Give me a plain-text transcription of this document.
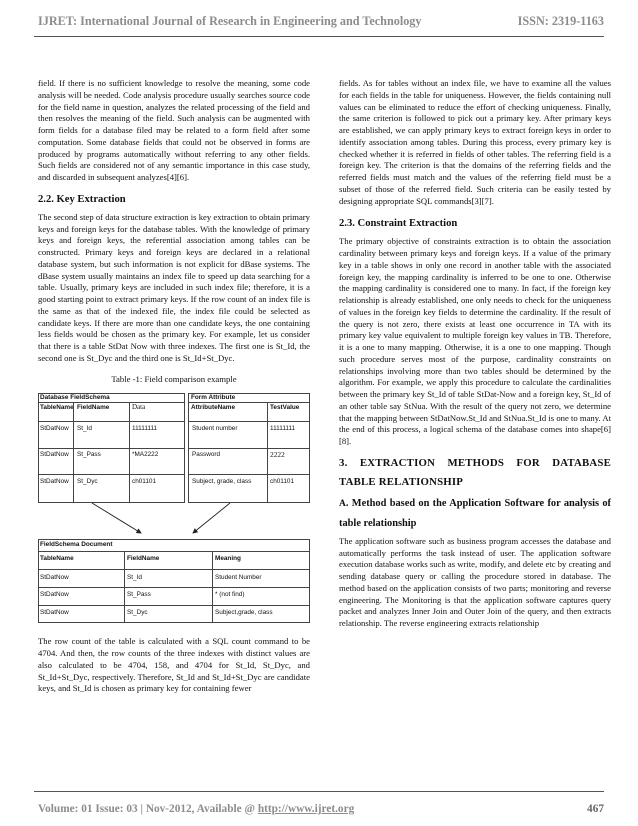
IJRET: International Journal of Research in Engineering and Technology	ISSN: 2319-1163

field. If there is no sufficient knowledge to resolve the meaning, some code analysis will be needed. Code analysis procedure usually searches source code for the field name in question, analyzes the related processing of the field and then resolves the meaning of the field. Such analysis can be augmented with form fields for a database filed may be related to a form field after some computation. Some database fields that could not be observed in forms are produced by programs automatically without referring to any other fields. Such fields are considered not of any semantic importance in this case study, and discarded in subsequent analyzes[4][6].

2.2. Key Extraction

The second step of data structure extraction is key extraction to obtain primary keys and foreign keys for the database tables. With the knowledge of primary keys and foreign keys, the referential association among tables can be constructed. Primary keys and foreign keys are declared in a relational database system, but such information is not explicit for dBase systems. The dBase system usually maintains an index file to speed up data searching for a table. Usually, primary keys are included in such index file; therefore, it is a good starting point to extract primary keys. If the row count of an index file is the same as that of the indexed file, the index file could be selected as candidate keys. If there are more than one candidate keys, the one containing less fields would be chosen as the primary key. For example, let us consider that there is a table StDat Now with three indexes. The first one is St_Id, the second one is St_Dyc and the third one is St_Id+St_Dyc.

Table -1: Field comparison example
Database FieldSchema
TableName FieldName	Data
StDatNow St_Id	11111111
StDatNow St_Pass	*MA2222
StDatNow St_Dyc	ch01101
Form Attribute
AttributeName	TestValue
Student number	11111111
Password	2222
Subject, grade, class	ch01101
FieldSchema Document
TableName	FieldName	Meaning
StDatNow	St_Id	Student Number
StDatNow	St_Pass	* (not find)
StDatNow	St_Dyc	Subject,grade, class

The row count of the table is calculated with a SQL count command to be 4704. And then, the row counts of the three indexes with distinct values are also calculated to be 4704, 158, and 4704 for St_Id, St_Dyc, and St_Id+St_Dyc, respectively. Therefore, St_Id and St_Id+St_Dyc are candidate keys, and St_Id is chosen as primary key for containing fewer

fields. As for tables without an index file, we have to examine all the values for each fields in the table for uniqueness. However, the fields containing null values can be eliminated to reduce the effort of checking uniqueness. Finally, the same criterion is followed to pick out a primary key. After primary keys are established, we can apply primary keys to extract foreign keys in order to identify association among tables. During this process, every primary key is checked whether it is referred in fields of other tables. The referring field is a foreign key. The criterion is that the domains of the referring fields and the referred fields must match and the values of the referring field must be a subset of those of the referred field. Such criteria can be easily tested by designing appropriate SQL commands[3][7].

2.3. Constraint Extraction

The primary objective of constraints extraction is to obtain the association cardinality between primary keys and foreign keys. If a value of the primary key in a table shows in only one record in another table with the associated foreign key, the mapping cardinality is inferred to be one to one. Otherwise the mapping cardinality is considered one to many. In fact, if the foreign key relationship is already established, one only needs to check for the uniqueness of values in the foreign key fields to determine the cardinality. If the result of the query is not zero, there exists at least one occurrence in TA with its primary key value equivalent to multiple foreign key values in TB. Therefore, it is a one to many mapping. Otherwise, it is a one to one mapping. Though such procedure serves most of the purpose, cardinality constraints on relationships involving more than two tables should be determined by the algorithm. For example, we apply this procedure to calculate the cardinalities between the primary key St_Id of table StDat-Now and a foreign key, St_Id of an other table say StNua. With the result of the query not zero, we determine that the mapping between StDatNow.St_Id and StNua.St_Id is one to many. At the end of this process, a logical schema of the database comes into shape[6][8].

3. EXTRACTION METHODS FOR DATABASE TABLE RELATIONSHIP
A. Method based on the Application Software for analysis of table relationship

The application software such as business program accesses the database and automatically performs the task instead of user. The application software execution database works such as write, modify, and delete etc by creating and sending database query or calling the procedure stored in database. The method based on the application consists of two parts; monitoring and reverse engineering. The Monitoring is that the application software captures query packet and analyzes Inner Join and Outer Join of the query, and then extracts relationship. The reverse engineering extracts relationship

Volume: 01 Issue: 03 | Nov-2012, Available @ http://www.ijret.org	467
